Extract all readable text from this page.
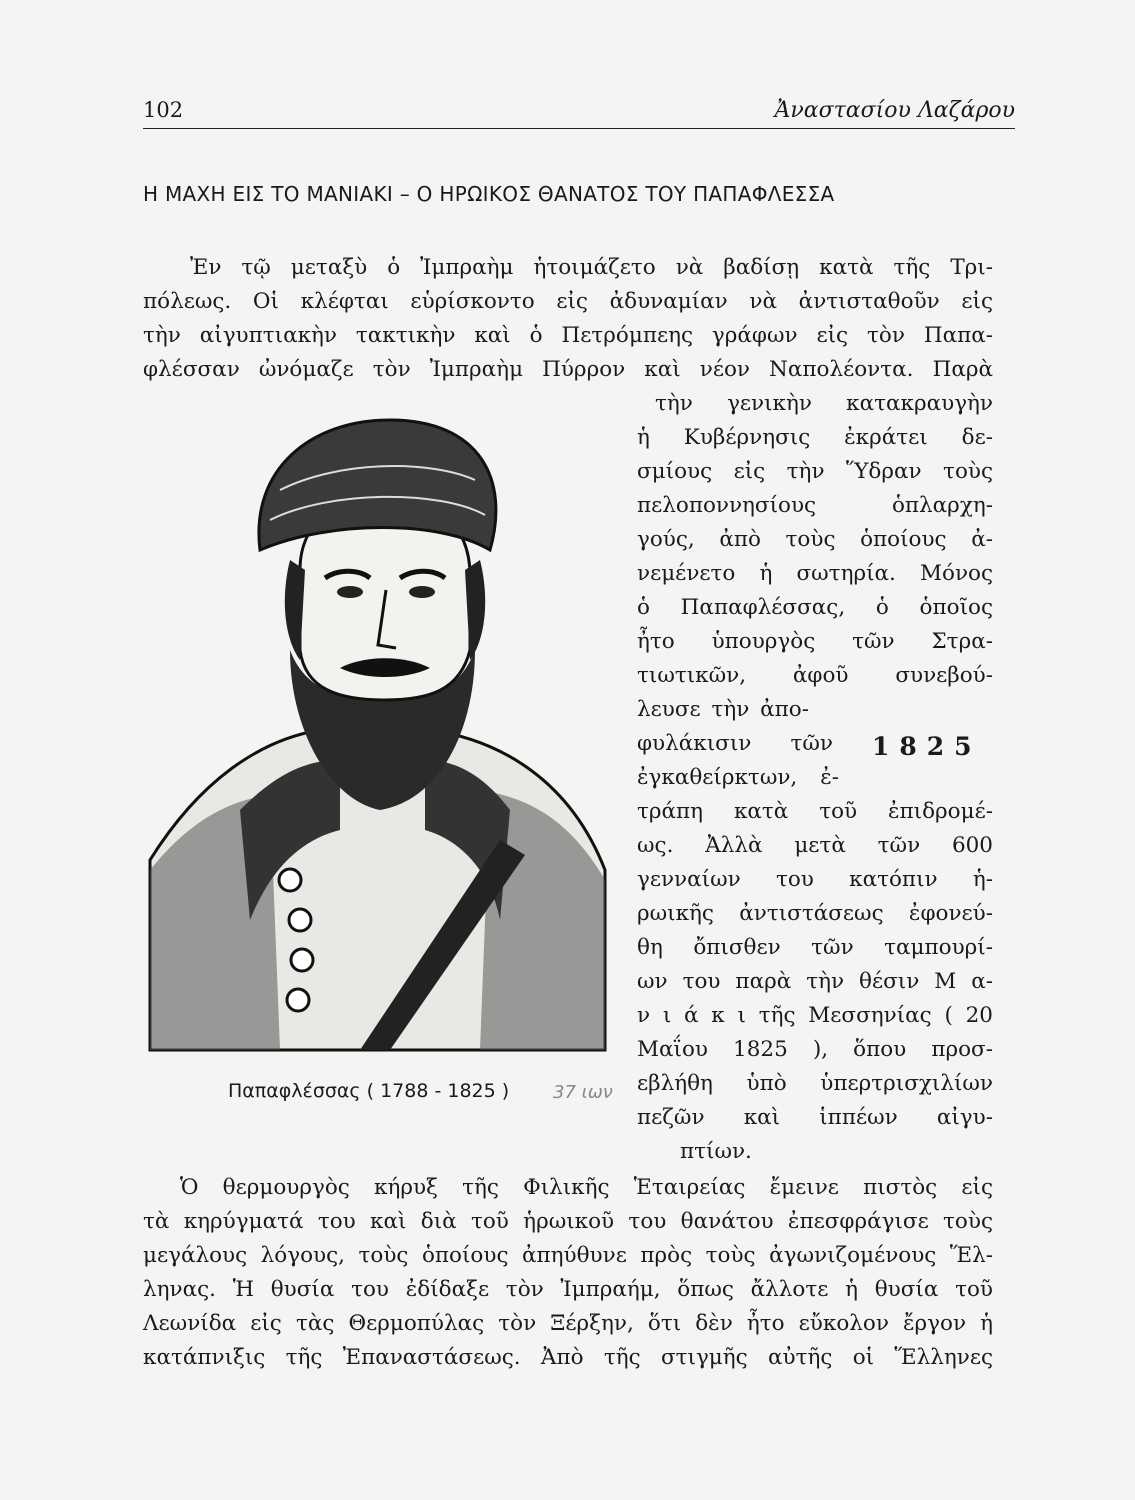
102	Ἀναστασίου Λαζάρου
Η ΜΑΧΗ ΕΙΣ ΤΟ ΜΑΝΙΑΚΙ – Ο ΗΡΩΙΚΟΣ ΘΑΝΑΤΟΣ ΤΟΥ ΠΑΠΑΦΛΕΣΣΑ
Ἐν τῷ μεταξὺ ὁ Ἰμπραὴμ ἡτοιμάζετο νὰ βαδίσῃ κατὰ τῆς Τρι-
πόλεως. Οἱ κλέφται εὑρίσκοντο εἰς ἀδυναμίαν νὰ ἀντισταθοῦν εἰς
τὴν αἰγυπτιακὴν τακτικὴν καὶ ὁ Πετρόμπεης γράφων εἰς τὸν Παπα-
φλέσσαν ὠνόμαζε τὸν Ἰμπραὴμ Πύρρον καὶ νέον Ναπολέοντα. Παρὰ
τὴν γενικὴν κατακραυγὴν
ἡ Κυβέρνησις ἐκράτει δε-
σμίους εἰς τὴν Ὕδραν τοὺς
πελοποννησίους ὁπλαρχη-
γούς, ἀπὸ τοὺς ὁποίους ἀ-
νεμένετο ἡ σωτηρία. Μόνος
ὁ Παπαφλέσσας, ὁ ὁποῖος
ἦτο ὑπουργὸς τῶν Στρα-
τιωτικῶν, ἀφοῦ συνεβού-
λευσε τὴν ἀπο-
φυλάκισιν τῶν
ἐγκαθείρκτων, ἐ-
τράπη κατὰ τοῦ ἐπιδρομέ-
ως. Ἀλλὰ μετὰ τῶν 600
γενναίων του κατόπιν ἡ-
ρωικῆς ἀντιστάσεως ἐφονεύ-
θη ὄπισθεν τῶν ταμπουρί-
ων του παρὰ τὴν θέσιν Μ α-
ν ι ά κ ι τῆς Μεσσηνίας ( 20
Μαΐου 1825 ), ὅπου προσ-
εβλήθη ὑπὸ ὑπερτρισχιλίων
πεζῶν καὶ ἱππέων αἰγυ-
πτίων.
1825
Παπαφλέσσας ( 1788 - 1825 ) 37 ιων
Ὁ θερμουργὸς κήρυξ τῆς Φιλικῆς Ἑταιρείας ἔμεινε πιστὸς εἰς
τὰ κηρύγματά του καὶ διὰ τοῦ ἡρωικοῦ του θανάτου ἐπεσφράγισε τοὺς
μεγάλους λόγους, τοὺς ὁποίους ἀπηύθυνε πρὸς τοὺς ἀγωνιζομένους Ἕλ-
ληνας. Ἡ θυσία του ἐδίδαξε τὸν Ἰμπραήμ, ὅπως ἄλλοτε ἡ θυσία τοῦ
Λεωνίδα εἰς τὰς Θερμοπύλας τὸν Ξέρξην, ὅτι δὲν ἦτο εὔκολον ἔργον ἡ
κατάπνιξις τῆς Ἐπαναστάσεως. Ἀπὸ τῆς στιγμῆς αὐτῆς οἱ Ἕλληνες
